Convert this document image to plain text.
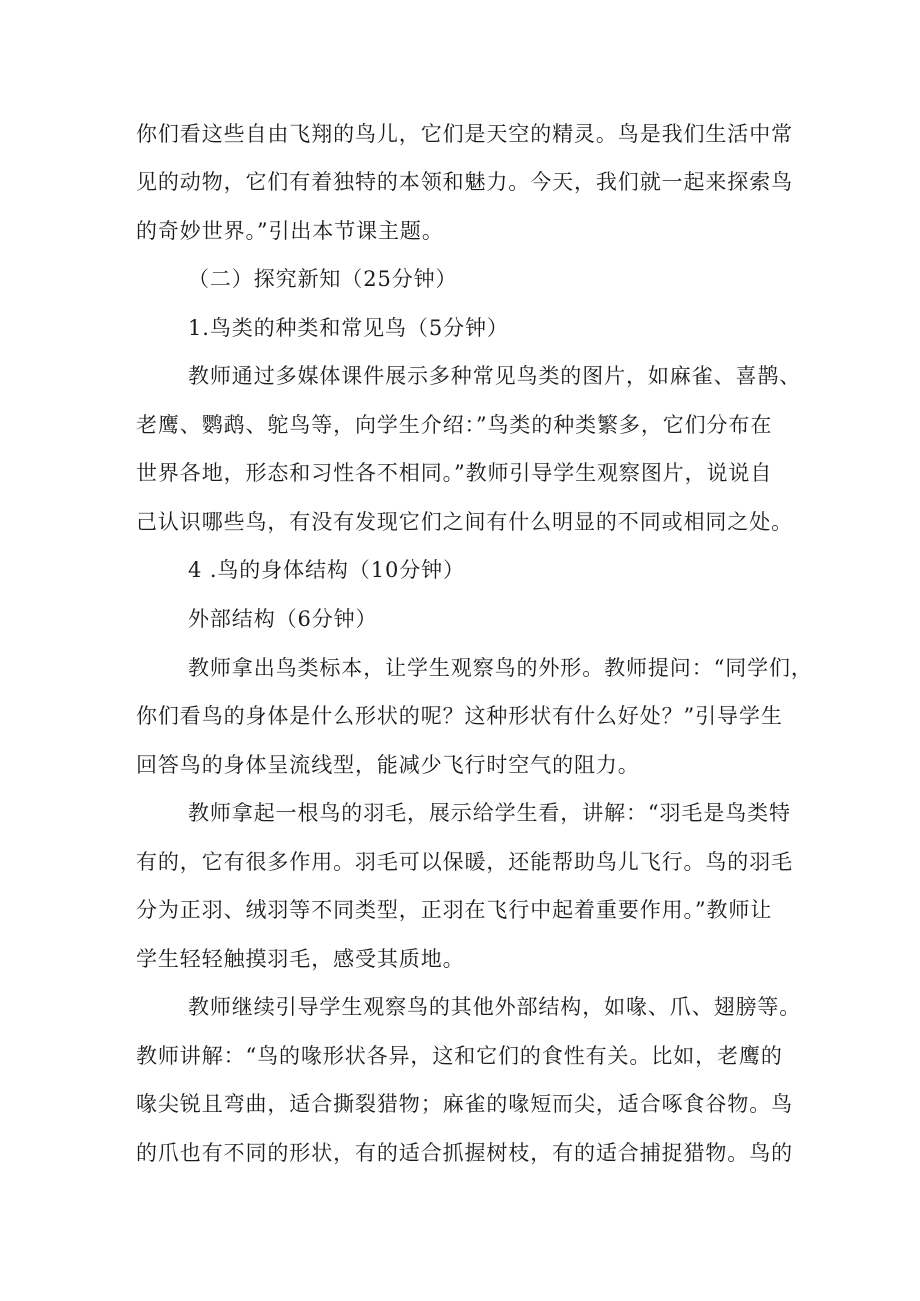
你们看这些自由飞翔的鸟儿，它们是天空的精灵。鸟是我们生活中常
见的动物，它们有着独特的本领和魅力。今天，我们就一起来探索鸟
的奇妙世界。”引出本节课主题。
（二）探究新知（25分钟）
1.鸟类的种类和常见鸟（5分钟）
教师通过多媒体课件展示多种常见鸟类的图片，如麻雀、喜鹊、
老鹰、鹦鹉、鸵鸟等，向学生介绍：”鸟类的种类繁多，它们分布在
世界各地，形态和习性各不相同。”教师引导学生观察图片，说说自
己认识哪些鸟，有没有发现它们之间有什么明显的不同或相同之处。
4 .鸟的身体结构（10分钟）
外部结构（6分钟）
教师拿出鸟类标本，让学生观察鸟的外形。教师提问：“同学们，
你们看鸟的身体是什么形状的呢？这种形状有什么好处？”引导学生
回答鸟的身体呈流线型，能减少飞行时空气的阻力。
教师拿起一根鸟的羽毛，展示给学生看，讲解：“羽毛是鸟类特
有的，它有很多作用。羽毛可以保暖，还能帮助鸟儿飞行。鸟的羽毛
分为正羽、绒羽等不同类型，正羽在飞行中起着重要作用。”教师让
学生轻轻触摸羽毛，感受其质地。
教师继续引导学生观察鸟的其他外部结构，如喙、爪、翅膀等。
教师讲解：“鸟的喙形状各异，这和它们的食性有关。比如，老鹰的
喙尖锐且弯曲，适合撕裂猎物；麻雀的喙短而尖，适合啄食谷物。鸟
的爪也有不同的形状，有的适合抓握树枝，有的适合捕捉猎物。鸟的
